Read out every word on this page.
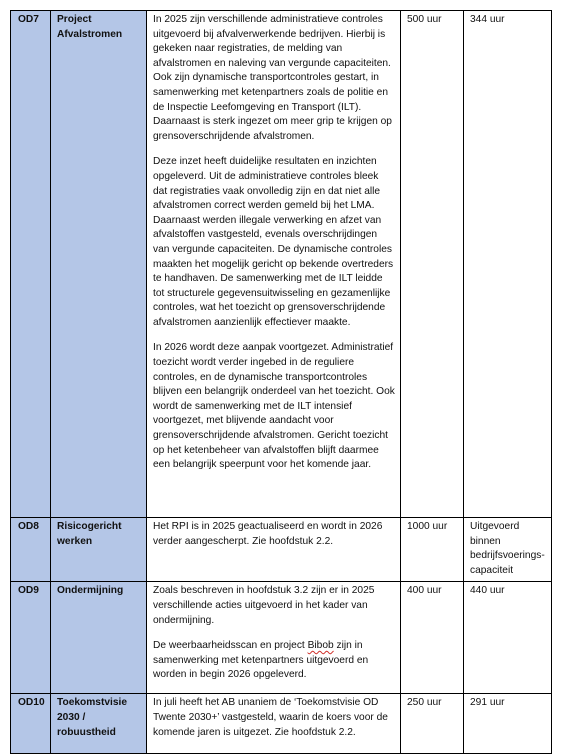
OD7	Project Afvalstromen	In 2025 zijn verschillende administratieve controles uitgevoerd bij afvalverwerkende bedrijven. Hierbij is gekeken naar registraties, de melding van afvalstromen en naleving van vergunde capaciteiten. Ook zijn dynamische transportcontroles gestart, in samenwerking met ketenpartners zoals de politie en de Inspectie Leefomgeving en Transport (ILT). Daarnaast is sterk ingezet om meer grip te krijgen op grensoverschrijdende afvalstromen.

Deze inzet heeft duidelijke resultaten en inzichten opgeleverd. Uit de administratieve controles bleek dat registraties vaak onvolledig zijn en dat niet alle afvalstromen correct werden gemeld bij het LMA. Daarnaast werden illegale verwerking en afzet van afvalstoffen vastgesteld, evenals overschrijdingen van vergunde capaciteiten. De dynamische controles maakten het mogelijk gericht op bekende overtreders te handhaven. De samenwerking met de ILT leidde tot structurele gegevensuitwisseling en gezamenlijke controles, wat het toezicht op grensoverschrijdende afvalstromen aanzienlijk effectiever maakte.

In 2026 wordt deze aanpak voortgezet. Administratief toezicht wordt verder ingebed in de reguliere controles, en de dynamische transportcontroles blijven een belangrijk onderdeel van het toezicht. Ook wordt de samenwerking met de ILT intensief voortgezet, met blijvende aandacht voor grensoverschrijdende afvalstromen. Gericht toezicht op het ketenbeheer van afvalstoffen blijft daarmee een belangrijk speerpunt voor het komende jaar.	500 uur	344 uur
OD8	Risicogericht werken	Het RPI is in 2025 geactualiseerd en wordt in 2026 verder aangescherpt. Zie hoofdstuk 2.2.	1000 uur	Uitgevoerd binnen bedrijfsvoerings-capaciteit
OD9	Ondermijning	Zoals beschreven in hoofdstuk 3.2 zijn er in 2025 verschillende acties uitgevoerd in het kader van ondermijning.

De weerbaarheidsscan en project Bibob zijn in samenwerking met ketenpartners uitgevoerd en worden in begin 2026 opgeleverd.	400 uur	440 uur
OD10	Toekomstvisie 2030 / robuustheid	In juli heeft het AB unaniem de ‘Toekomstvisie OD Twente 2030+’ vastgesteld, waarin de koers voor de komende jaren is uitgezet. Zie hoofdstuk 2.2.	250 uur	291 uur
